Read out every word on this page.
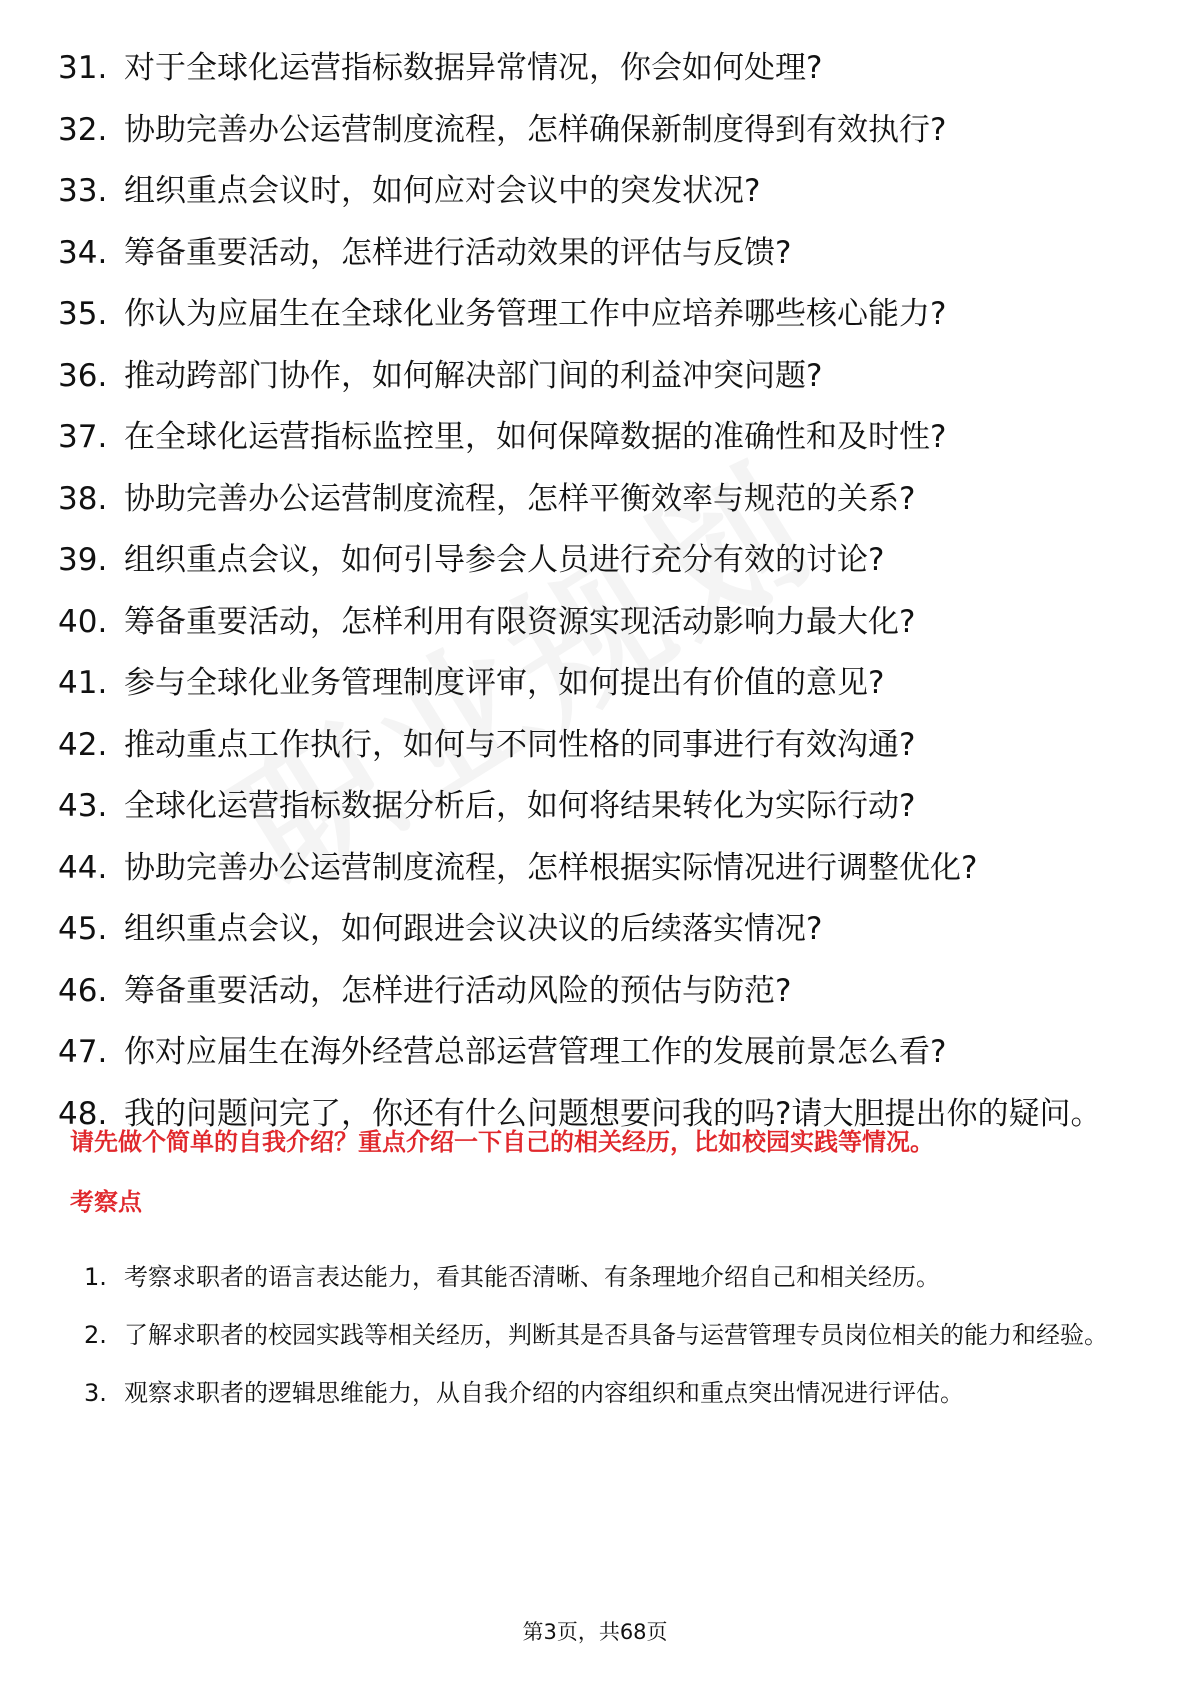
31. 对于全球化运营指标数据异常情况，你会如何处理?
32. 协助完善办公运营制度流程，怎样确保新制度得到有效执行?
33. 组织重点会议时，如何应对会议中的突发状况?
34. 筹备重要活动，怎样进行活动效果的评估与反馈?
35. 你认为应届生在全球化业务管理工作中应培养哪些核心能力?
36. 推动跨部门协作，如何解决部门间的利益冲突问题?
37. 在全球化运营指标监控里，如何保障数据的准确性和及时性?
38. 协助完善办公运营制度流程，怎样平衡效率与规范的关系?
39. 组织重点会议，如何引导参会人员进行充分有效的讨论?
40. 筹备重要活动，怎样利用有限资源实现活动影响力最大化?
41. 参与全球化业务管理制度评审，如何提出有价值的意见?
42. 推动重点工作执行，如何与不同性格的同事进行有效沟通?
43. 全球化运营指标数据分析后，如何将结果转化为实际行动?
44. 协助完善办公运营制度流程，怎样根据实际情况进行调整优化?
45. 组织重点会议，如何跟进会议决议的后续落实情况?
46. 筹备重要活动，怎样进行活动风险的预估与防范?
47. 你对应届生在海外经营总部运营管理工作的发展前景怎么看?
48. 我的问题问完了，你还有什么问题想要问我的吗?请大胆提出你的疑问。
请先做个简单的自我介绍？重点介绍一下自己的相关经历，比如校园实践等情况。
考察点
1. 考察求职者的语言表达能力，看其能否清晰、有条理地介绍自己和相关经历。
2. 了解求职者的校园实践等相关经历，判断其是否具备与运营管理专员岗位相关的能力和经验。
3. 观察求职者的逻辑思维能力，从自我介绍的内容组织和重点突出情况进行评估。
第3页，共68页
